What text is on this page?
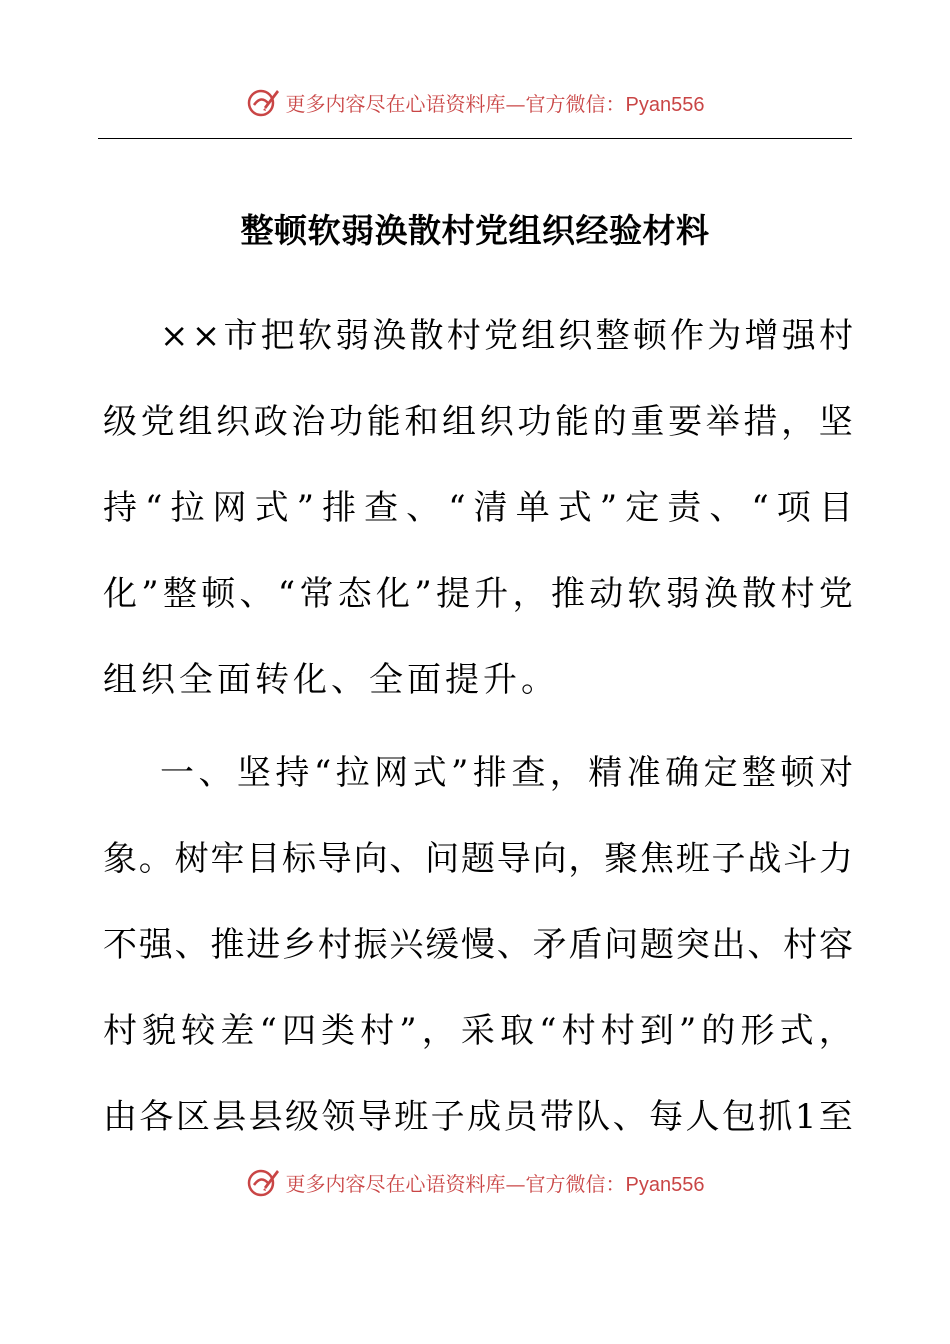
更多内容尽在心语资料库—官方微信：Pyan556
整顿软弱涣散村党组织经验材料
× × 市 把 软 弱 涣 散 村 党 组 织 整 顿 作 为 增 强 村
级 党 组 织 政 治 功 能 和 组 织 功 能 的 重 要 举 措 ， 坚
持 “ 拉 网 式 ” 排 查 、 “ 清 单 式 ” 定 责 、 “ 项 目
化 ” 整 顿 、 “ 常 态 化 ” 提 升 ， 推 动 软 弱 涣 散 村 党
组 织 全 面 转 化 、 全 面 提 升 。
一 、 坚 持 “ 拉 网 式 ” 排 查 ， 精 准 确 定 整 顿 对
象 。 树 牢 目 标 导 向 、 问 题 导 向 ， 聚 焦 班 子 战 斗 力
不 强 、 推 进 乡 村 振 兴 缓 慢 、 矛 盾 问 题 突 出 、 村 容
村 貌 较 差 “ 四 类 村 ” ， 采 取 “ 村 村 到 ” 的 形 式 ，
由 各 区 县 县 级 领 导 班 子 成 员 带 队 、 每 人 包 抓 1 至
更多内容尽在心语资料库—官方微信：Pyan556
